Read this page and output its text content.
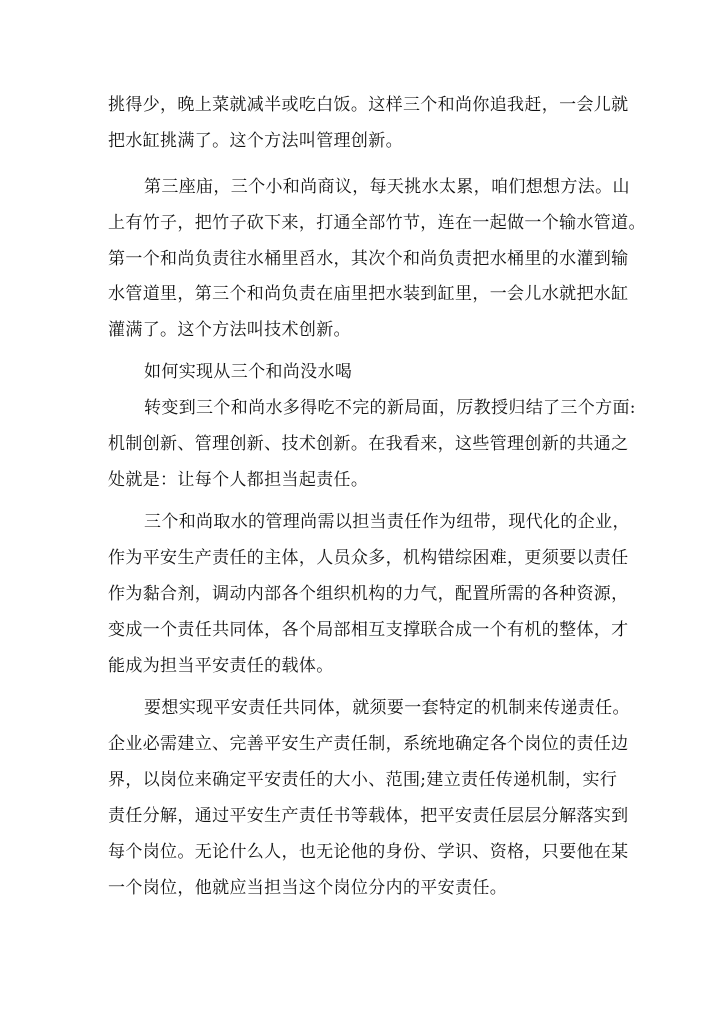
挑得少，晚上菜就减半或吃白饭。这样三个和尚你追我赶，一会儿就
把水缸挑满了。这个方法叫管理创新。
第三座庙，三个小和尚商议，每天挑水太累，咱们想想方法。山
上有竹子，把竹子砍下来，打通全部竹节，连在一起做一个输水管道。
第一个和尚负责往水桶里舀水，其次个和尚负责把水桶里的水灌到输
水管道里，第三个和尚负责在庙里把水装到缸里，一会儿水就把水缸
灌满了。这个方法叫技术创新。
如何实现从三个和尚没水喝
转变到三个和尚水多得吃不完的新局面，厉教授归结了三个方面:
机制创新、管理创新、技术创新。在我看来，这些管理创新的共通之
处就是：让每个人都担当起责任。
三个和尚取水的管理尚需以担当责任作为纽带，现代化的企业，
作为平安生产责任的主体，人员众多，机构错综困难，更须要以责任
作为黏合剂，调动内部各个组织机构的力气，配置所需的各种资源，
变成一个责任共同体，各个局部相互支撑联合成一个有机的整体，才
能成为担当平安责任的载体。
要想实现平安责任共同体，就须要一套特定的机制来传递责任。
企业必需建立、完善平安生产责任制，系统地确定各个岗位的责任边
界，以岗位来确定平安责任的大小、范围;建立责任传递机制，实行
责任分解，通过平安生产责任书等载体，把平安责任层层分解落实到
每个岗位。无论什么人，也无论他的身份、学识、资格，只要他在某
一个岗位，他就应当担当这个岗位分内的平安责任。
